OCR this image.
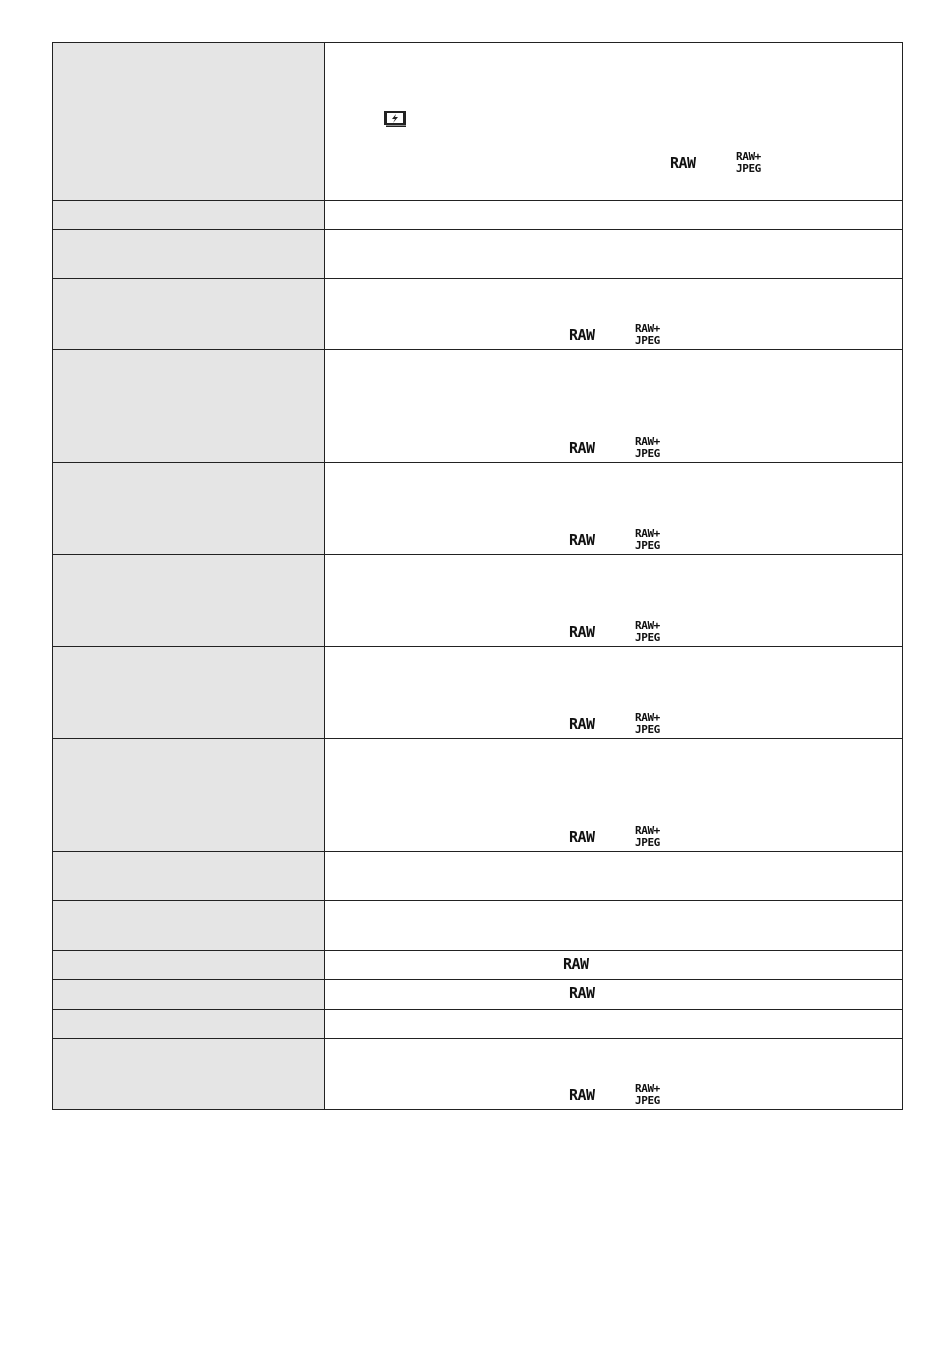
RAW	RAW+
JPEG
RAW	RAW+
JPEG
RAW	RAW+
JPEG
RAW	RAW+
JPEG
RAW	RAW+
JPEG
RAW	RAW+
JPEG
RAW	RAW+
JPEG
RAW
RAW
RAW	RAW+
JPEG
